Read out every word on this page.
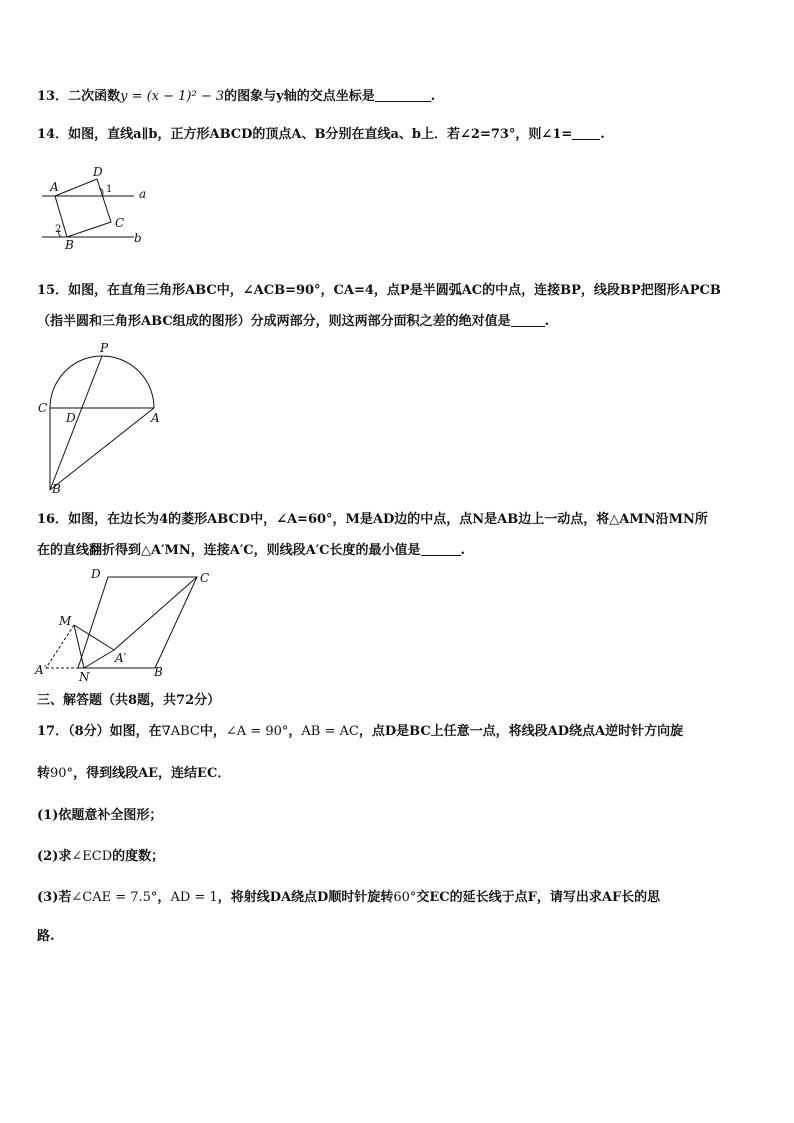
13．二次函数y = (x − 1)² − 3的图象与y轴的交点坐标是	.
14．如图，直线a∥b，正方形ABCD的顶点A、B分别在直线a、b上．若∠2=73°，则∠1= .
A
D
C
B
1
2
a
b
15．如图，在直角三角形ABC中，∠ACB=90°，CA=4，点P是半圆弧AC的中点，连接BP，线段BP把图形APCB
（指半圆和三角形ABC组成的图形）分成两部分，则这两部分面积之差的绝对值是	.
P
C
D	A
B
16．如图，在边长为4的菱形ABCD中，∠A=60°，M是AD边的中点，点N是AB边上一动点，将△AMN沿MN所
在的直线翻折得到△A′MN，连接A′C，则线段A′C长度的最小值是	.
D	C
M
A′
A′	N	B
三、解答题（共8题，共72分）
17．（8分）如图，在∇ABC中，∠A = 90°，AB = AC，点D是BC上任意一点，将线段AD绕点A逆时针方向旋
转90°，得到线段AE，连结EC．
(1)依题意补全图形；
(2)求∠ECD的度数；
(3)若∠CAE = 7.5°，AD = 1，将射线DA绕点D顺时针旋转60°交EC的延长线于点F，请写出求AF长的思
路.
